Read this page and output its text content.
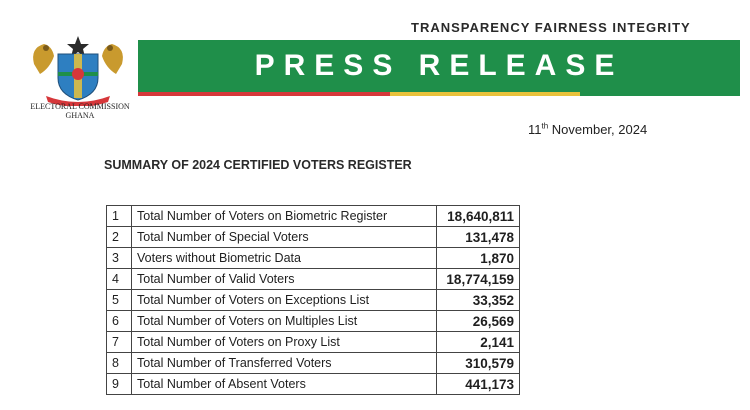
ELECTORAL COMMISSION
GHANA
TRANSPARENCY FAIRNESS INTEGRITY
PRESS RELEASE
11th November, 2024
SUMMARY OF 2024 CERTIFIED VOTERS REGISTER
1	Total Number of Voters on Biometric Register	18,640,811
2	Total Number of Special Voters	131,478
3	Voters without Biometric Data	1,870
4	Total Number of Valid Voters	18,774,159
5	Total Number of Voters on Exceptions List	33,352
6	Total Number of Voters on Multiples List	26,569
7	Total Number of Voters on Proxy List	2,141
8	Total Number of Transferred Voters	310,579
9	Total Number of Absent Voters	441,173
